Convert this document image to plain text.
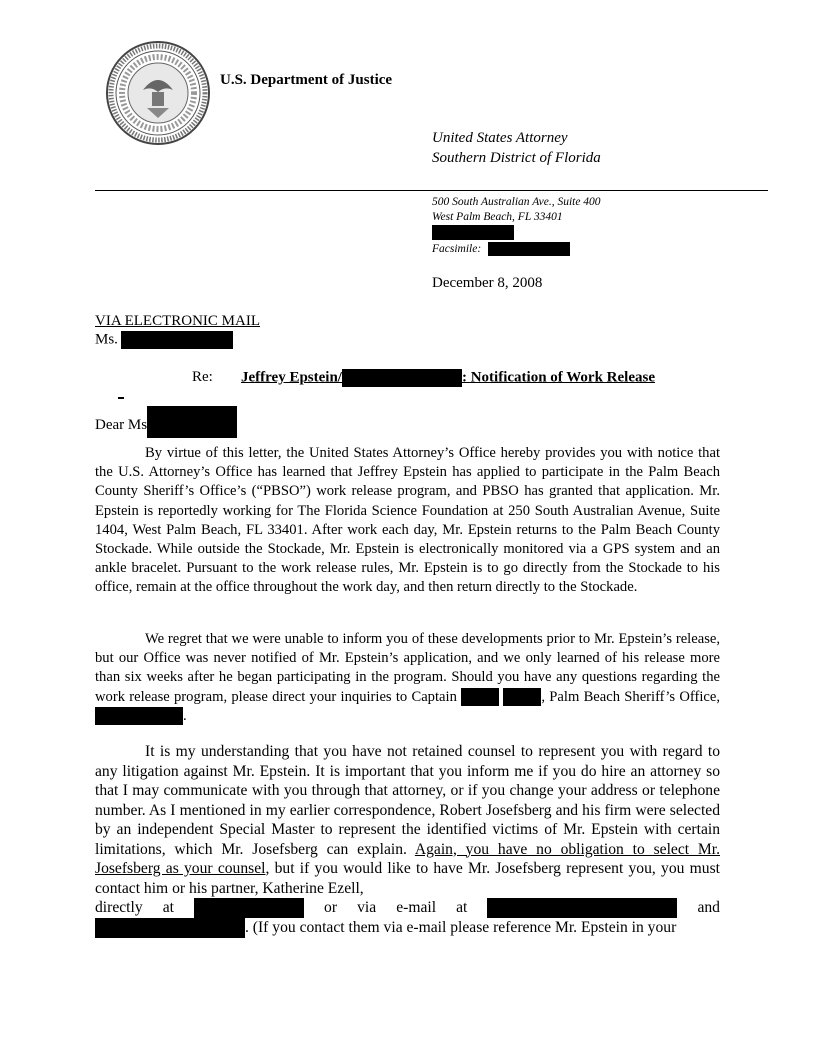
U.S. Department of Justice
United States Attorney
Southern District of Florida
500 South Australian Ave., Suite 400
West Palm Beach, FL 33401
Facsimile:
December 8, 2008
VIA ELECTRONIC MAIL
Ms.
Re: Jeffrey Epstein/	: Notification of Work Release
Dear Ms

By virtue of this letter, the United States Attorney’s Office hereby provides you with notice that the U.S. Attorney’s Office has learned that Jeffrey Epstein has applied to participate in the Palm Beach County Sheriff’s Office’s (“PBSO”) work release program, and PBSO has granted that application. Mr. Epstein is reportedly working for The Florida Science Foundation at 250 South Australian Avenue, Suite 1404, West Palm Beach, FL 33401. After work each day, Mr. Epstein returns to the Palm Beach County Stockade. While outside the Stockade, Mr. Epstein is electronically monitored via a GPS system and an ankle bracelet. Pursuant to the work release rules, Mr. Epstein is to go directly from the Stockade to his office, remain at the office throughout the work day, and then return directly to the Stockade.

We regret that we were unable to inform you of these developments prior to Mr. Epstein’s release, but our Office was never notified of Mr. Epstein’s application, and we only learned of his release more than six weeks after he began participating in the program. Should you have any questions regarding the work release program, please direct your inquiries to Captain	, Palm Beach Sheriff’s Office, .

It is my understanding that you have not retained counsel to represent you with regard to any litigation against Mr. Epstein. It is important that you inform me if you do hire an attorney so that I may communicate with you through that attorney, or if you change your address or telephone number. As I mentioned in my earlier correspondence, Robert Josefsberg and his firm were selected by an independent Special Master to represent the identified victims of Mr. Epstein with certain limitations, which Mr. Josefsberg can explain. Again, you have no obligation to select Mr. Josefsberg as your counsel, but if you would like to have Mr. Josefsberg represent you, you must contact him or his partner, Katherine Ezell,

directly at	or via e-mail at	and
. (If you contact them via e-mail please reference Mr. Epstein in your
